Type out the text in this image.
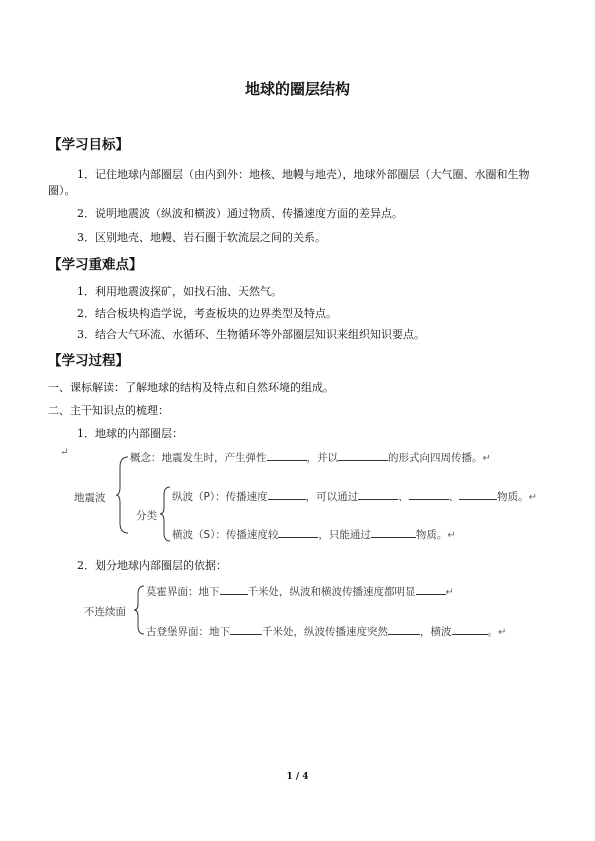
地球的圈层结构
【学习目标】
1．记住地球内部圈层（由内到外：地核、地幔与地壳），地球外部圈层（大气圈、水圈和生物圈）。
2．说明地震波（纵波和横波）通过物质、传播速度方面的差异点。
3．区别地壳、地幔、岩石圈于软流层之间的关系。
【学习重难点】
1．利用地震波探矿，如找石油、天然气。
2．结合板块构造学说，考查板块的边界类型及特点。
3．结合大气环流、水循环、生物循环等外部圈层知识来组织知识要点。
【学习过程】
一、课标解读：了解地球的结构及特点和自然环境的组成。
二、主干知识点的梳理：
1．地球的内部圈层：
↵
地震波
概念：地震发生时，产生弹性	，并以	的形式向四周传播。↵
分类
纵波（P）：传播速度	，可以通过	、	、	物质。↵
横波（S）：传播速度较	，只能通过	物质。↵
2．划分地球内部圈层的依据：
不连续面
莫霍界面：地下	千米处，纵波和横波传播速度都明显	↵
古登堡界面：地下	千米处，纵波传播速度突然	，横波	。↵
1 / 4
